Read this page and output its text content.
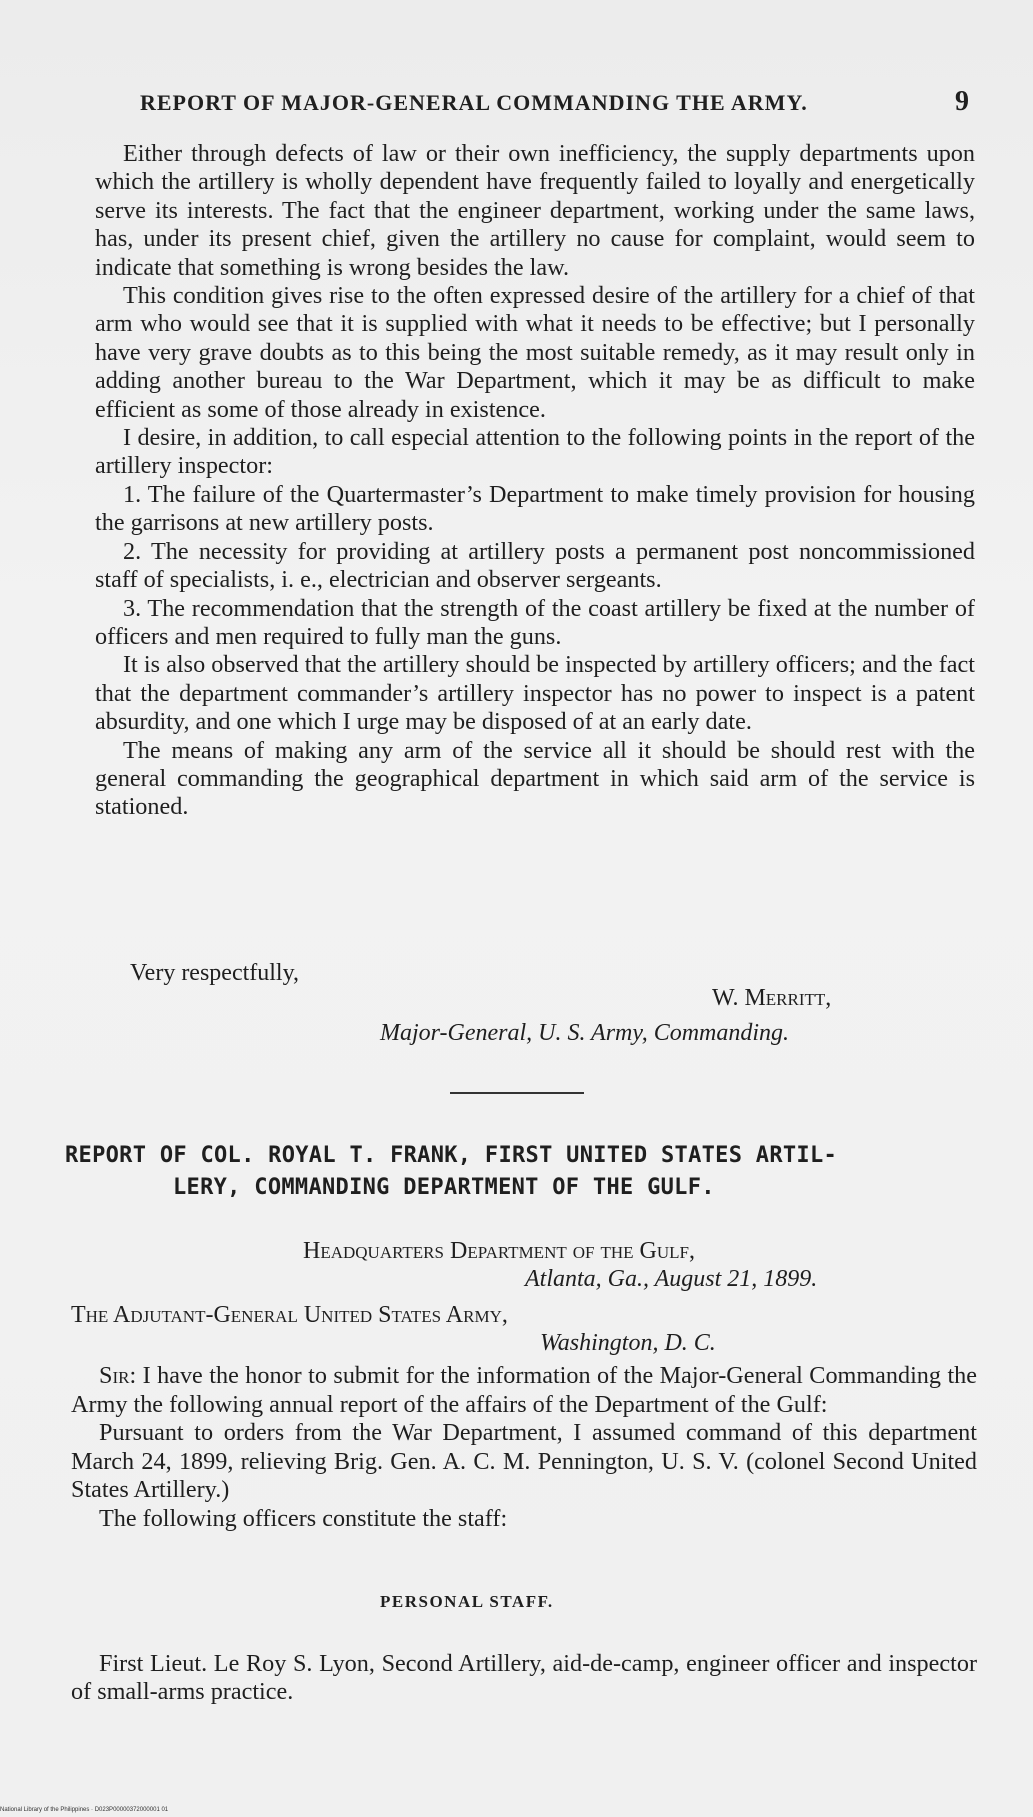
REPORT OF MAJOR-GENERAL COMMANDING THE ARMY.	9

Either through defects of law or their own inefficiency, the supply departments upon which the artillery is wholly dependent have frequently failed to loyally and energetically serve its interests. The fact that the engineer department, working under the same laws, has, under its present chief, given the artillery no cause for complaint, would seem to indicate that something is wrong besides the law.

This condition gives rise to the often expressed desire of the artillery for a chief of that arm who would see that it is supplied with what it needs to be effective; but I personally have very grave doubts as to this being the most suitable remedy, as it may result only in adding another bureau to the War Department, which it may be as difficult to make efficient as some of those already in existence.

I desire, in addition, to call especial attention to the following points in the report of the artillery inspector:

1. The failure of the Quartermaster’s Department to make timely provision for housing the garrisons at new artillery posts.

2. The necessity for providing at artillery posts a permanent post noncommissioned staff of specialists, i. e., electrician and observer sergeants.

3. The recommendation that the strength of the coast artillery be fixed at the number of officers and men required to fully man the guns.

It is also observed that the artillery should be inspected by artillery officers; and the fact that the department commander’s artillery inspector has no power to inspect is a patent absurdity, and one which I urge may be disposed of at an early date.

The means of making any arm of the service all it should be should rest with the general commanding the geographical department in which said arm of the service is stationed.

Very respectfully,
W. Merritt,
Major-General, U. S. Army, Commanding.
REPORT OF COL. ROYAL T. FRANK, FIRST UNITED STATES ARTIL-
LERY, COMMANDING DEPARTMENT OF THE GULF.
Headquarters Department of the Gulf,
Atlanta, Ga., August 21, 1899.
The Adjutant-General United States Army,
Washington, D. C.

Sir: I have the honor to submit for the information of the Major-General Commanding the Army the following annual report of the affairs of the Department of the Gulf:

Pursuant to orders from the War Department, I assumed command of this department March 24, 1899, relieving Brig. Gen. A. C. M. Pennington, U. S. V. (colonel Second United States Artillery.)

The following officers constitute the staff:

PERSONAL STAFF.

First Lieut. Le Roy S. Lyon, Second Artillery, aid-de-camp, engineer officer and inspector of small-arms practice.

National Library of the Philippines · D023P00000372000001 01
